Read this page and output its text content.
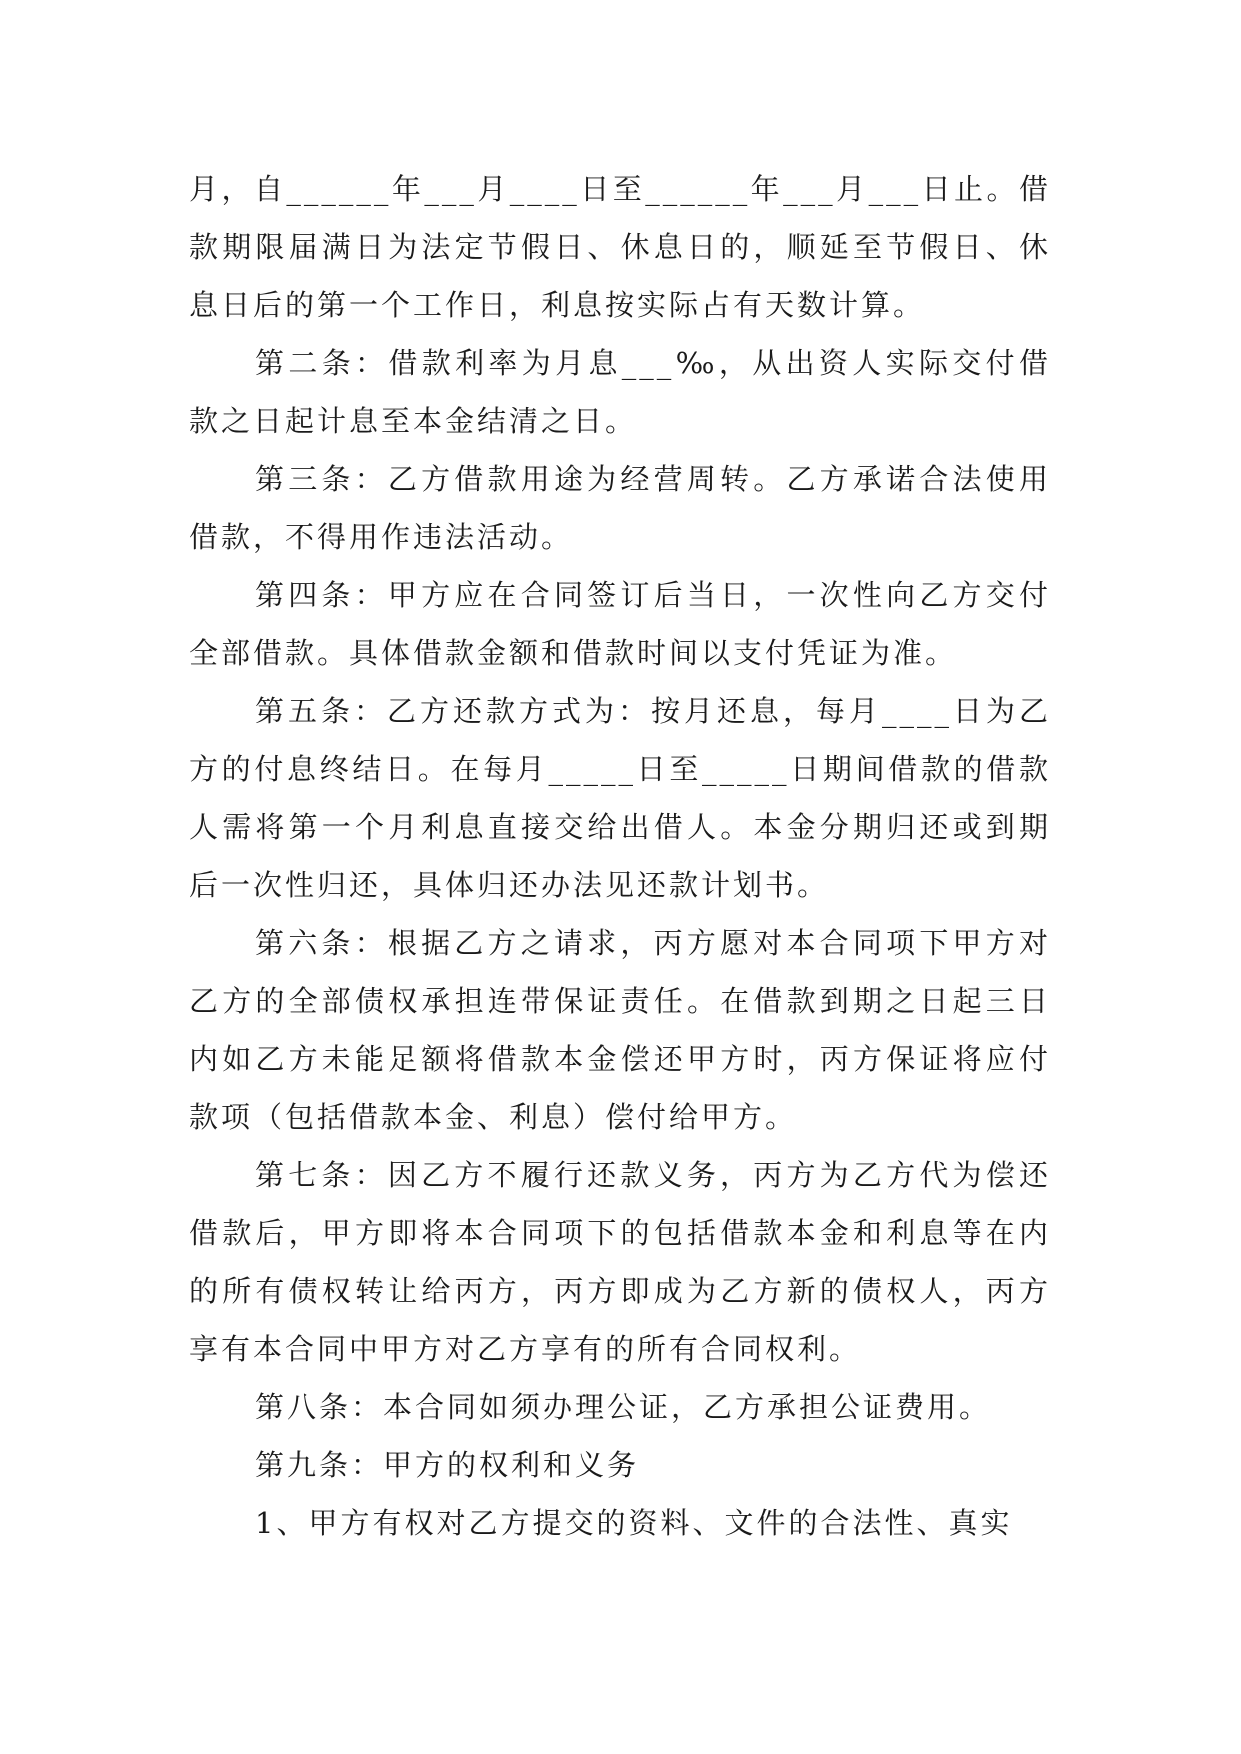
月，自______年___月____日至______年___月___日止。借款期限届满日为法定节假日、休息日的，顺延至节假日、休息日后的第一个工作日，利息按实际占有天数计算。

第二条：借款利率为月息___‰，从出资人实际交付借款之日起计息至本金结清之日。

第三条：乙方借款用途为经营周转。乙方承诺合法使用借款，不得用作违法活动。

第四条：甲方应在合同签订后当日，一次性向乙方交付全部借款。具体借款金额和借款时间以支付凭证为准。

第五条：乙方还款方式为：按月还息，每月____日为乙方的付息终结日。在每月_____日至_____日期间借款的借款人需将第一个月利息直接交给出借人。本金分期归还或到期后一次性归还，具体归还办法见还款计划书。

第六条：根据乙方之请求，丙方愿对本合同项下甲方对乙方的全部债权承担连带保证责任。在借款到期之日起三日内如乙方未能足额将借款本金偿还甲方时，丙方保证将应付款项（包括借款本金、利息）偿付给甲方。

第七条：因乙方不履行还款义务，丙方为乙方代为偿还借款后，甲方即将本合同项下的包括借款本金和利息等在内的所有债权转让给丙方，丙方即成为乙方新的债权人，丙方享有本合同中甲方对乙方享有的所有合同权利。

第八条：本合同如须办理公证，乙方承担公证费用。

第九条：甲方的权利和义务

1、甲方有权对乙方提交的资料、文件的合法性、真实
